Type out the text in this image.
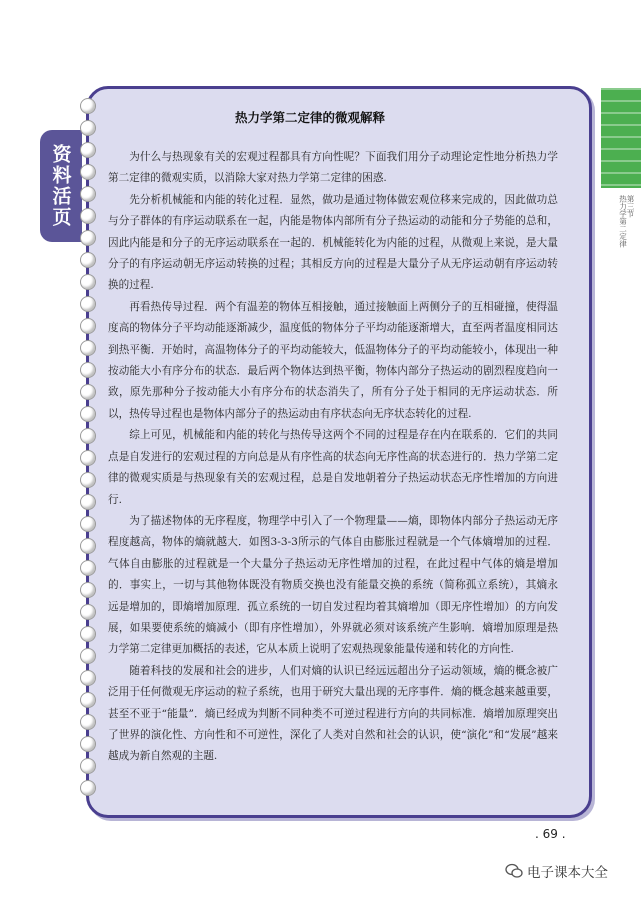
第三节
热力学第二定律
资料活页
热力学第二定律的微观解释

为什么与热现象有关的宏观过程都具有方向性呢？下面我们用分子动理论定性地分析热力学第二定律的微观实质，以消除大家对热力学第二定律的困惑.

先分析机械能和内能的转化过程．显然，做功是通过物体做宏观位移来完成的，因此做功总与分子群体的有序运动联系在一起，内能是物体内部所有分子热运动的动能和分子势能的总和，因此内能是和分子的无序运动联系在一起的．机械能转化为内能的过程，从微观上来说，是大量分子的有序运动朝无序运动转换的过程；其相反方向的过程是大量分子从无序运动朝有序运动转换的过程.

再看热传导过程．两个有温差的物体互相接触，通过接触面上两侧分子的互相碰撞，使得温度高的物体分子平均动能逐渐减少，温度低的物体分子平均动能逐渐增大，直至两者温度相同达到热平衡．开始时，高温物体分子的平均动能较大，低温物体分子的平均动能较小，体现出一种按动能大小有序分布的状态．最后两个物体达到热平衡，物体内部分子热运动的剧烈程度趋向一致，原先那种分子按动能大小有序分布的状态消失了，所有分子处于相同的无序运动状态．所以，热传导过程也是物体内部分子的热运动由有序状态向无序状态转化的过程.

综上可见，机械能和内能的转化与热传导这两个不同的过程是存在内在联系的．它们的共同点是自发进行的宏观过程的方向总是从有序性高的状态向无序性高的状态进行的．热力学第二定律的微观实质是与热现象有关的宏观过程，总是自发地朝着分子热运动状态无序性增加的方向进行.

为了描述物体的无序程度，物理学中引入了一个物理量——熵，即物体内部分子热运动无序程度越高，物体的熵就越大．如图3-3-3所示的气体自由膨胀过程就是一个气体熵增加的过程．气体自由膨胀的过程就是一个大量分子热运动无序性增加的过程，在此过程中气体的熵是增加的．事实上，一切与其他物体既没有物质交换也没有能量交换的系统（简称孤立系统），其熵永远是增加的，即熵增加原理．孤立系统的一切自发过程均着其熵增加（即无序性增加）的方向发展，如果要使系统的熵减小（即有序性增加），外界就必须对该系统产生影响．熵增加原理是热力学第二定律更加概括的表述，它从本质上说明了宏观热现象能量传递和转化的方向性.

随着科技的发展和社会的进步，人们对熵的认识已经远远超出分子运动领域，熵的概念被广泛用于任何微观无序运动的粒子系统，也用于研究大量出现的无序事件．熵的概念越来越重要，甚至不亚于“能量”．熵已经成为判断不同种类不可逆过程进行方向的共同标准．熵增加原理突出了世界的演化性、方向性和不可逆性，深化了人类对自然和社会的认识，使“演化”和“发展”越来越成为新自然观的主题.

. 69 .
电子课本大全
